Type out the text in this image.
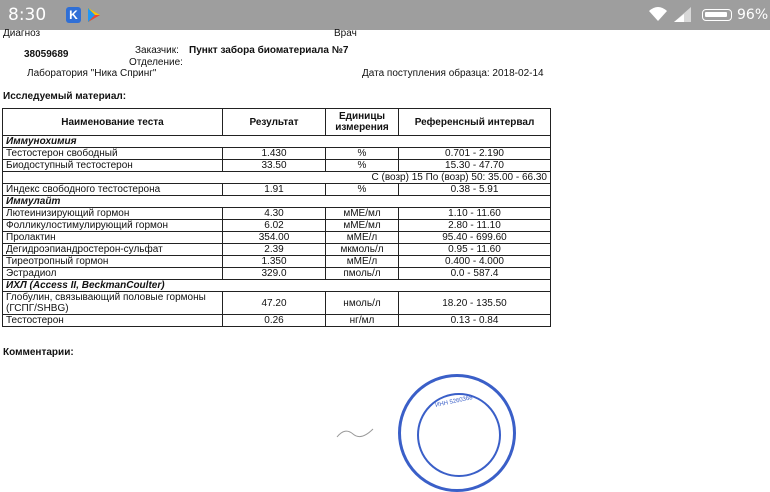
8:30 K	96%
Диагноз	Врач
38059689	Заказчик: Пункт забора биоматериала №7
Отделение:
Лаборатория "Ника Спринг"	Дата поступления образца: 2018-02-14
Исследуемый материал:
Наименование теста	Результат	Единицы измерения	Референсный интервал
Иммунохимия			
Тестостерон свободный	1.430	%	0.701 - 2.190
Биодоступный тестостерон	33.50	%	15.30 - 47.70
С (возр) 15 По (возр) 50: 35.00 - 66.30			
Индекс свободного тестостерона	1.91	%	0.38 - 5.91
Иммулайт			
Лютеинизирующий гормон	4.30	мМЕ/мл	1.10 - 11.60
Фолликулостимулирующий гормон	6.02	мМЕ/мл	2.80 - 11.10
Пролактин	354.00	мМЕ/л	95.40 - 699.60
Дегидроэпиандростерон-сульфат	2.39	мкмоль/л	0.95 - 11.60
Тиреотропный гормон	1.350	мМЕ/л	0.400 - 4.000
Эстрадиол	329.0	пмоль/л	0.0 - 587.4
ИХЛ (Access II, BeckmanCoulter)			
Глобулин, связывающий половые гормоны (ГСПГ/SHBG)	47.20	нмоль/л	18.20 - 135.50
Тестостерон	0.26	нг/мл	0.13 - 0.84
Комментарии:
ИНН 5260368
